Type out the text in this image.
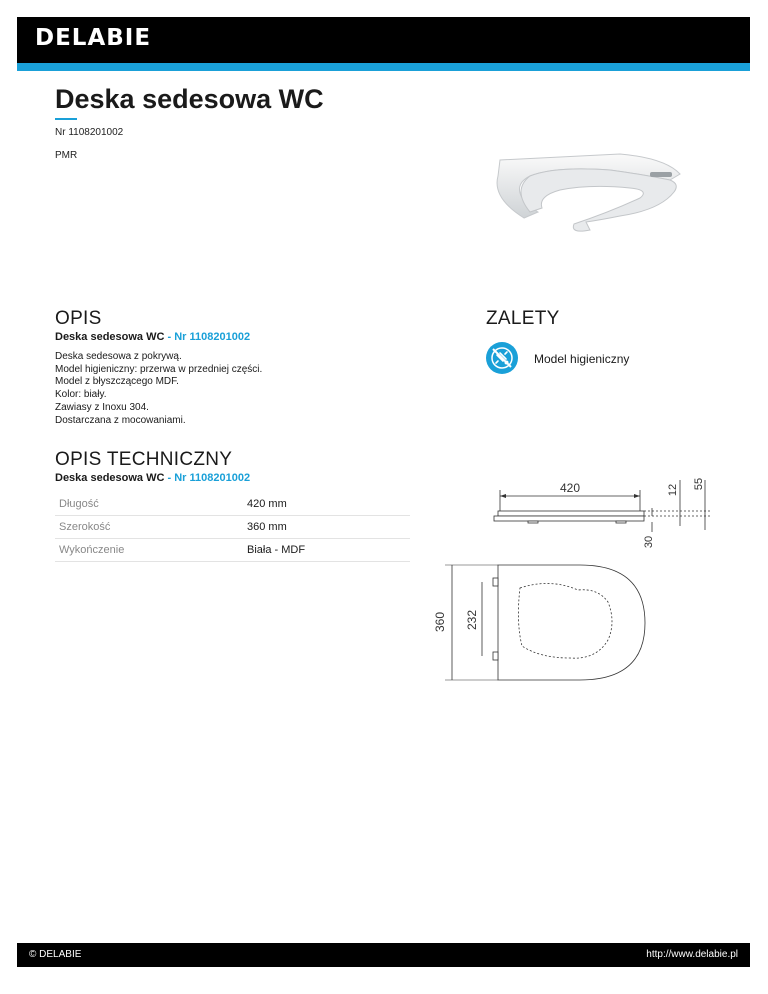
DELABIE
Deska sedesowa WC
Nr 1108201002
PMR
OPIS
Deska sedesowa WC - Nr 1108201002
Deska sedesowa z pokrywą.
Model higieniczny: przerwa w przedniej części.
Model z błyszczącego MDF.
Kolor: biały.
Zawiasy z Inoxu 304.
Dostarczana z mocowaniami.
ZALETY
Model higieniczny
OPIS TECHNICZNY
Deska sedesowa WC - Nr 1108201002
Długość	420 mm
Szerokość	360 mm
Wykończenie	Biała - MDF
420	12 55
30
360 232
© DELABIE	http://www.delabie.pl
